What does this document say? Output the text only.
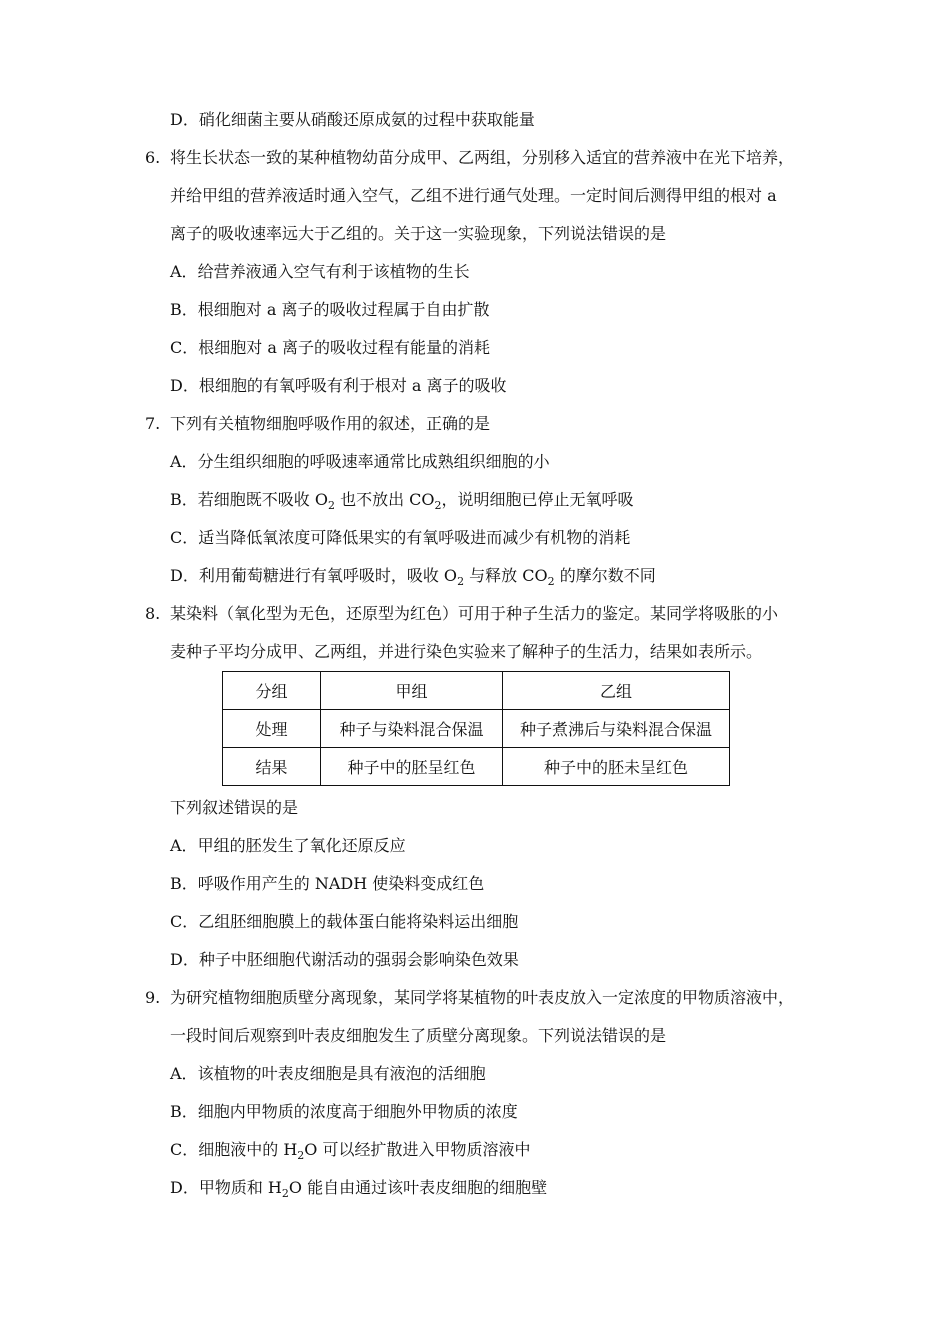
D．硝化细菌主要从硝酸还原成氨的过程中获取能量
6. 将生长状态一致的某种植物幼苗分成甲、乙两组，分别移入适宜的营养液中在光下培养，
并给甲组的营养液适时通入空气，乙组不进行通气处理。一定时间后测得甲组的根对 a
离子的吸收速率远大于乙组的。关于这一实验现象，下列说法错误的是
A．给营养液通入空气有利于该植物的生长
B．根细胞对 a 离子的吸收过程属于自由扩散
C．根细胞对 a 离子的吸收过程有能量的消耗
D．根细胞的有氧呼吸有利于根对 a 离子的吸收
7. 下列有关植物细胞呼吸作用的叙述，正确的是
A．分生组织细胞的呼吸速率通常比成熟组织细胞的小
B．若细胞既不吸收 $O_2$ 也不放出 $CO_2$，说明细胞已停止无氧呼吸
C．适当降低氧浓度可降低果实的有氧呼吸进而减少有机物的消耗
D．利用葡萄糖进行有氧呼吸时，吸收 $O_2$ 与释放 $CO_2$ 的摩尔数不同
8. 某染料（氧化型为无色，还原型为红色）可用于种子生活力的鉴定。某同学将吸胀的小
麦种子平均分成甲、乙两组，并进行染色实验来了解种子的生活力，结果如表所示。
分组	甲组	乙组
处理	种子与染料混合保温	种子煮沸后与染料混合保温
结果	种子中的胚呈红色	种子中的胚未呈红色
下列叙述错误的是
A．甲组的胚发生了氧化还原反应
B．呼吸作用产生的 NADH 使染料变成红色
C．乙组胚细胞膜上的载体蛋白能将染料运出细胞
D．种子中胚细胞代谢活动的强弱会影响染色效果
9. 为研究植物细胞质壁分离现象，某同学将某植物的叶表皮放入一定浓度的甲物质溶液中，
一段时间后观察到叶表皮细胞发生了质壁分离现象。下列说法错误的是
A．该植物的叶表皮细胞是具有液泡的活细胞
B．细胞内甲物质的浓度高于细胞外甲物质的浓度
C．细胞液中的 $H_2O$ 可以经扩散进入甲物质溶液中
D．甲物质和 $H_2O$ 能自由通过该叶表皮细胞的细胞壁
